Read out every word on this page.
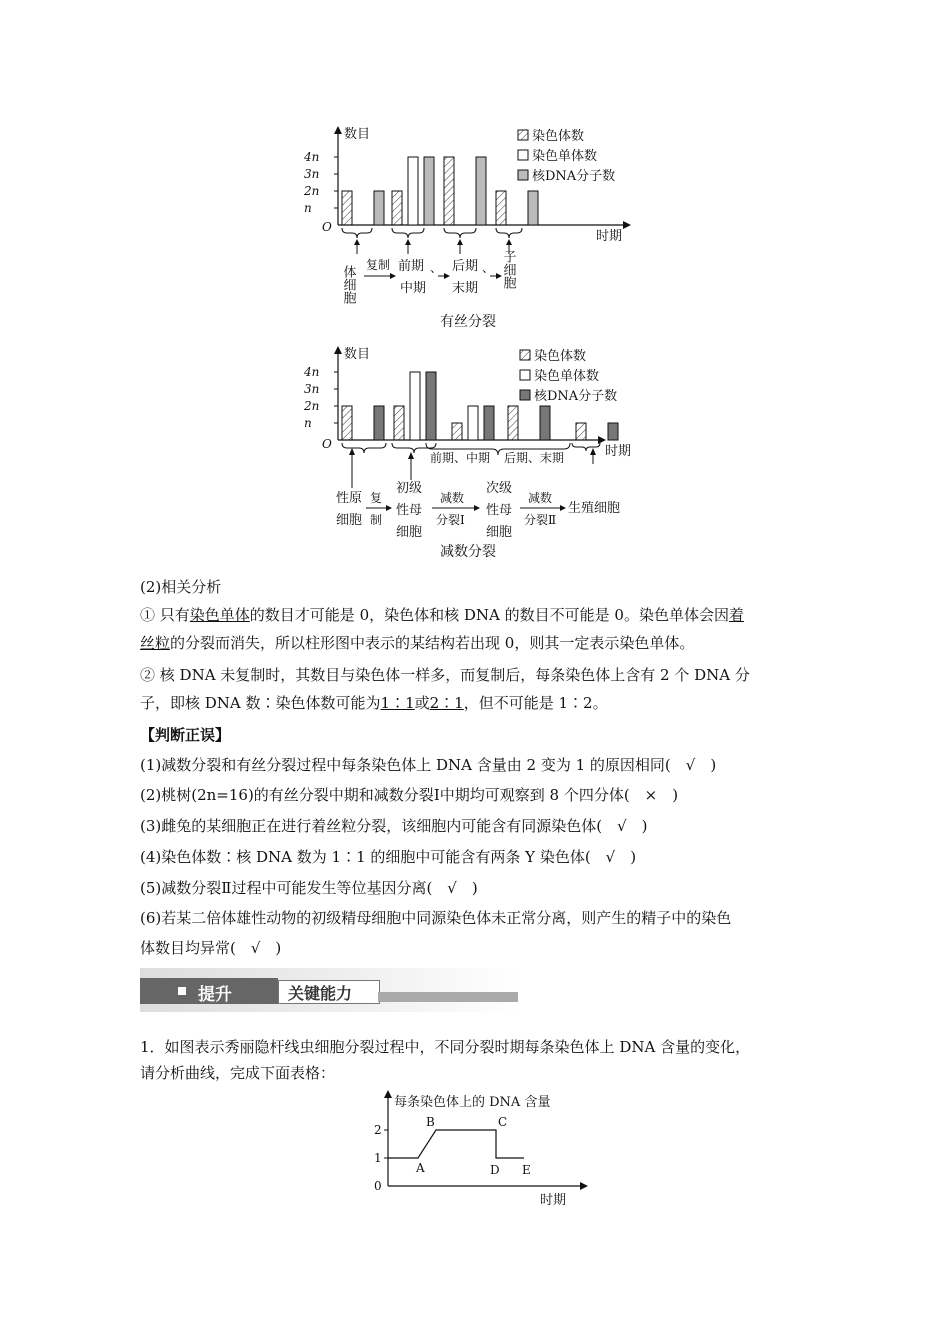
数目
时期
O
4n
3n
2n
n
染色体数
染色单体数
核DNA分子数
体细胞 复制 前期
中期
、 后期
末期
、 子细胞
有丝分裂
数目
时期
O
4n
3n
2n
n
染色体数
染色单体数
核DNA分子数
前期、中期 后期、末期
性原
细胞
复
制
初级
性母
细胞
减数
分裂Ⅰ
次级
性母
细胞
减数
分裂Ⅱ
生殖细胞
减数分裂
(2)相关分析
① 只有染色单体的数目才可能是 0，染色体和核 DNA 的数目不可能是 0。染色单体会因着
丝粒的分裂而消失，所以柱形图中表示的某结构若出现 0，则其一定表示染色单体。
② 核 DNA 未复制时，其数目与染色体一样多，而复制后，每条染色体上含有 2 个 DNA 分
子，即核 DNA 数∶染色体数可能为1∶1或2∶1，但不可能是 1∶2。
【判断正误】
(1)减数分裂和有丝分裂过程中每条染色体上 DNA 含量由 2 变为 1 的原因相同(　√　)
(2)桃树(2n=16)的有丝分裂中期和减数分裂Ⅰ中期均可观察到 8 个四分体(　×　)
(3)雌兔的某细胞正在进行着丝粒分裂，该细胞内可能含有同源染色体(　√　)
(4)染色体数∶核 DNA 数为 1∶1 的细胞中可能含有两条 Y 染色体(　√　)
(5)减数分裂Ⅱ过程中可能发生等位基因分离(　√　)
(6)若某二倍体雄性动物的初级精母细胞中同源染色体未正常分离，则产生的精子中的染色
体数目均异常(　√　)
提升	关键能力
1．如图表示秀丽隐杆线虫细胞分裂过程中，不同分裂时期每条染色体上 DNA 含量的变化，
请分析曲线，完成下面表格：
每条染色体上的 DNA 含量
时期
2
1
0
A
B	C
D E
